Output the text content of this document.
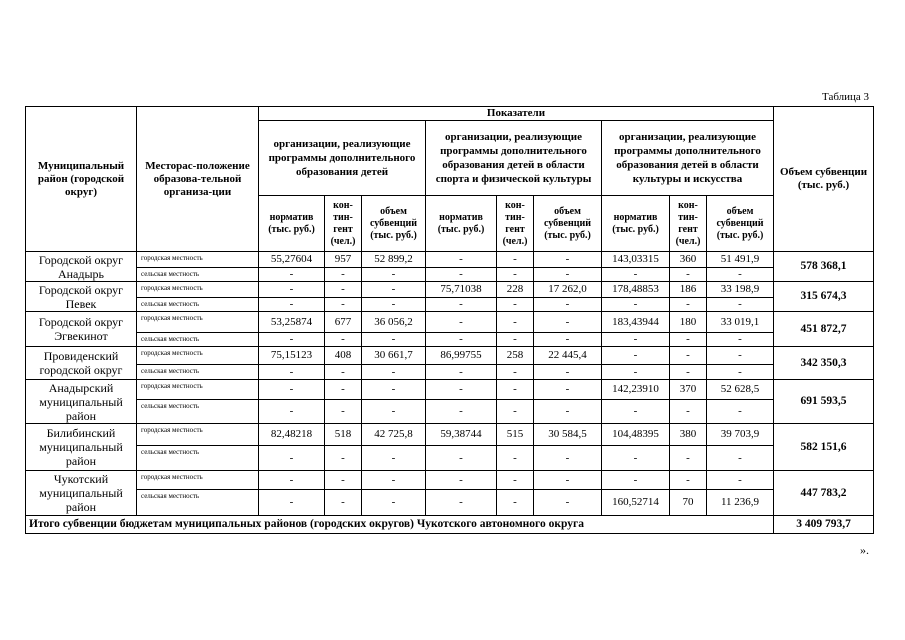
Таблица 3
Муниципальный район (городской округ)	Месторас-положение образова-тельной организа-ции	Показатели									Объем субвенции (тыс. руб.)
		организации, реализующие программы дополнительного образования детей			организации, реализующие программы дополнительного образования детей в области спорта и физической культуры			организации, реализующие программы дополнительного образования детей в области культуры и искусства			
		норматив (тыс. руб.)	кон-тин-гент (чел.)	объем субвенций (тыс. руб.)	норматив (тыс. руб.)	кон-тин-гент (чел.)	объем субвенций (тыс. руб.)	норматив (тыс. руб.)	кон-тин-гент (чел.)	объем субвенций (тыс. руб.)	
Городской округ Анадырь	городская местность	55,27604	957	52 899,2	-	-	-	143,03315	360	51 491,9	578 368,1
	сельская местность	-	-	-	-	-	-	-	-	-	
Городской округ Певек	городская местность	-	-	-	75,71038	228	17 262,0	178,48853	186	33 198,9	315 674,3
	сельская местность	-	-	-	-	-	-	-	-	-	
Городской округ Эгвекинот	городская местность	53,25874	677	36 056,2	-	-	-	183,43944	180	33 019,1	451 872,7
	сельская местность	-	-	-	-	-	-	-	-	-	
Провиденский городской округ	городская местность	75,15123	408	30 661,7	86,99755	258	22 445,4	-	-	-	342 350,3
	сельская местность	-	-	-	-	-	-	-	-	-	
Анадырский муниципальный район	городская местность	-	-	-	-	-	-	142,23910	370	52 628,5	691 593,5
	сельская местность	-	-	-	-	-	-	-	-	-	
Билибинский муниципальный район	городская местность	82,48218	518	42 725,8	59,38744	515	30 584,5	104,48395	380	39 703,9	582 151,6
	сельская местность	-	-	-	-	-	-	-	-	-	
Чукотский муниципальный район	городская местность	-	-	-	-	-	-	-	-	-	447 783,2
	сельская местность	-	-	-	-	-	-	160,52714	70	11 236,9	
Итого субвенции бюджетам муниципальных районов (городских округов) Чукотского автономного округа											3 409 793,7
».
